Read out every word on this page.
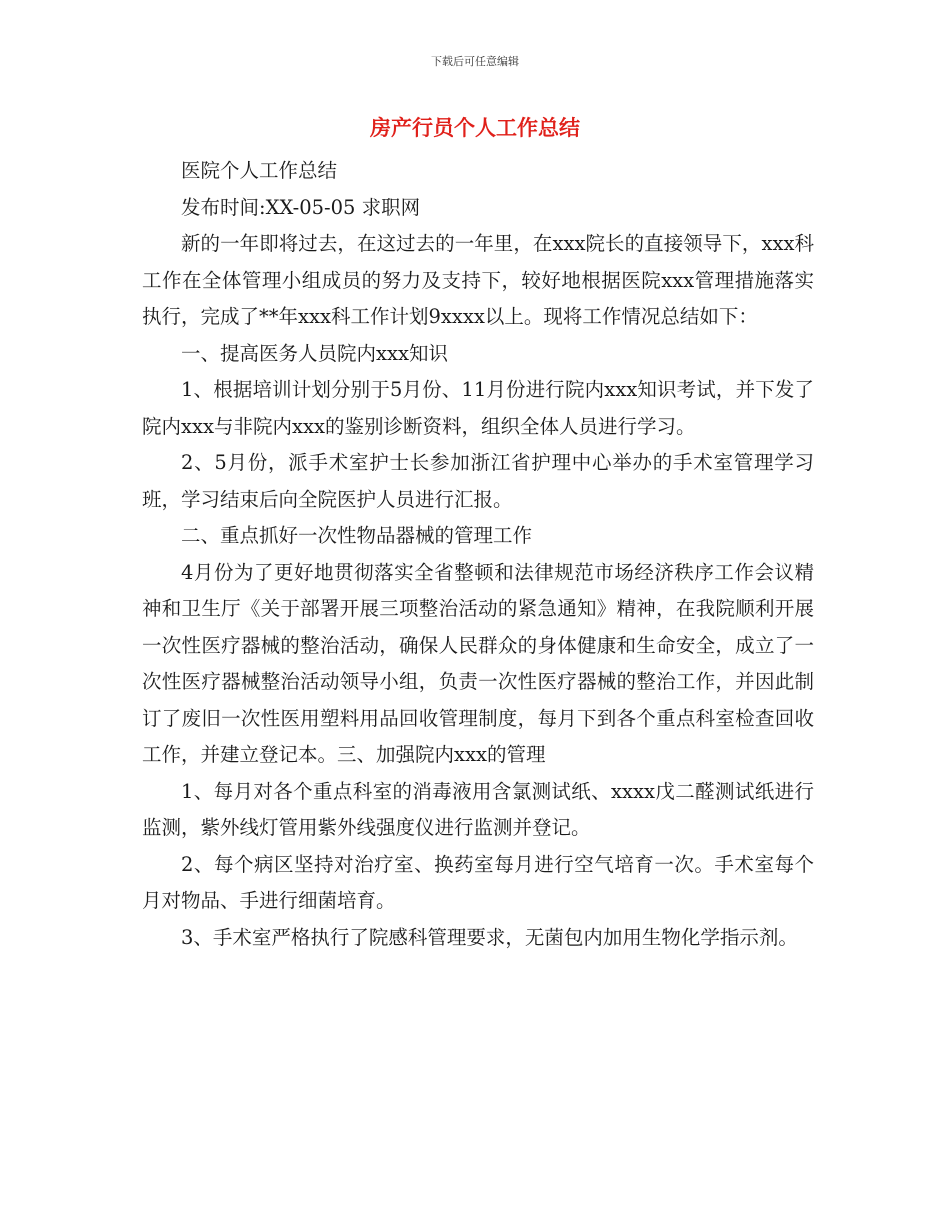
下载后可任意编辑
房产行员个人工作总结

医院个人工作总结

发布时间:XX-05-05 求职网

新的一年即将过去，在这过去的一年里，在xxx院长的直接领导下，xxx科工作在全体管理小组成员的努力及支持下，较好地根据医院xxx管理措施落实执行，完成了**年xxx科工作计划9xxxx以上。现将工作情况总结如下：

一、提高医务人员院内xxx知识

1、根据培训计划分别于5月份、11月份进行院内xxx知识考试，并下发了院内xxx与非院内xxx的鉴别诊断资料，组织全体人员进行学习。

2、5月份，派手术室护士长参加浙江省护理中心举办的手术室管理学习班，学习结束后向全院医护人员进行汇报。

二、重点抓好一次性物品器械的管理工作

4月份为了更好地贯彻落实全省整顿和法律规范市场经济秩序工作会议精神和卫生厅《关于部署开展三项整治活动的紧急通知》精神，在我院顺利开展一次性医疗器械的整治活动，确保人民群众的身体健康和生命安全，成立了一次性医疗器械整治活动领导小组，负责一次性医疗器械的整治工作，并因此制订了废旧一次性医用塑料用品回收管理制度，每月下到各个重点科室检查回收工作，并建立登记本。三、加强院内xxx的管理

1、每月对各个重点科室的消毒液用含氯测试纸、xxxx戊二醛测试纸进行监测，紫外线灯管用紫外线强度仪进行监测并登记。

2、每个病区坚持对治疗室、换药室每月进行空气培育一次。手术室每个月对物品、手进行细菌培育。

3、手术室严格执行了院感科管理要求，无菌包内加用生物化学指示剂。
